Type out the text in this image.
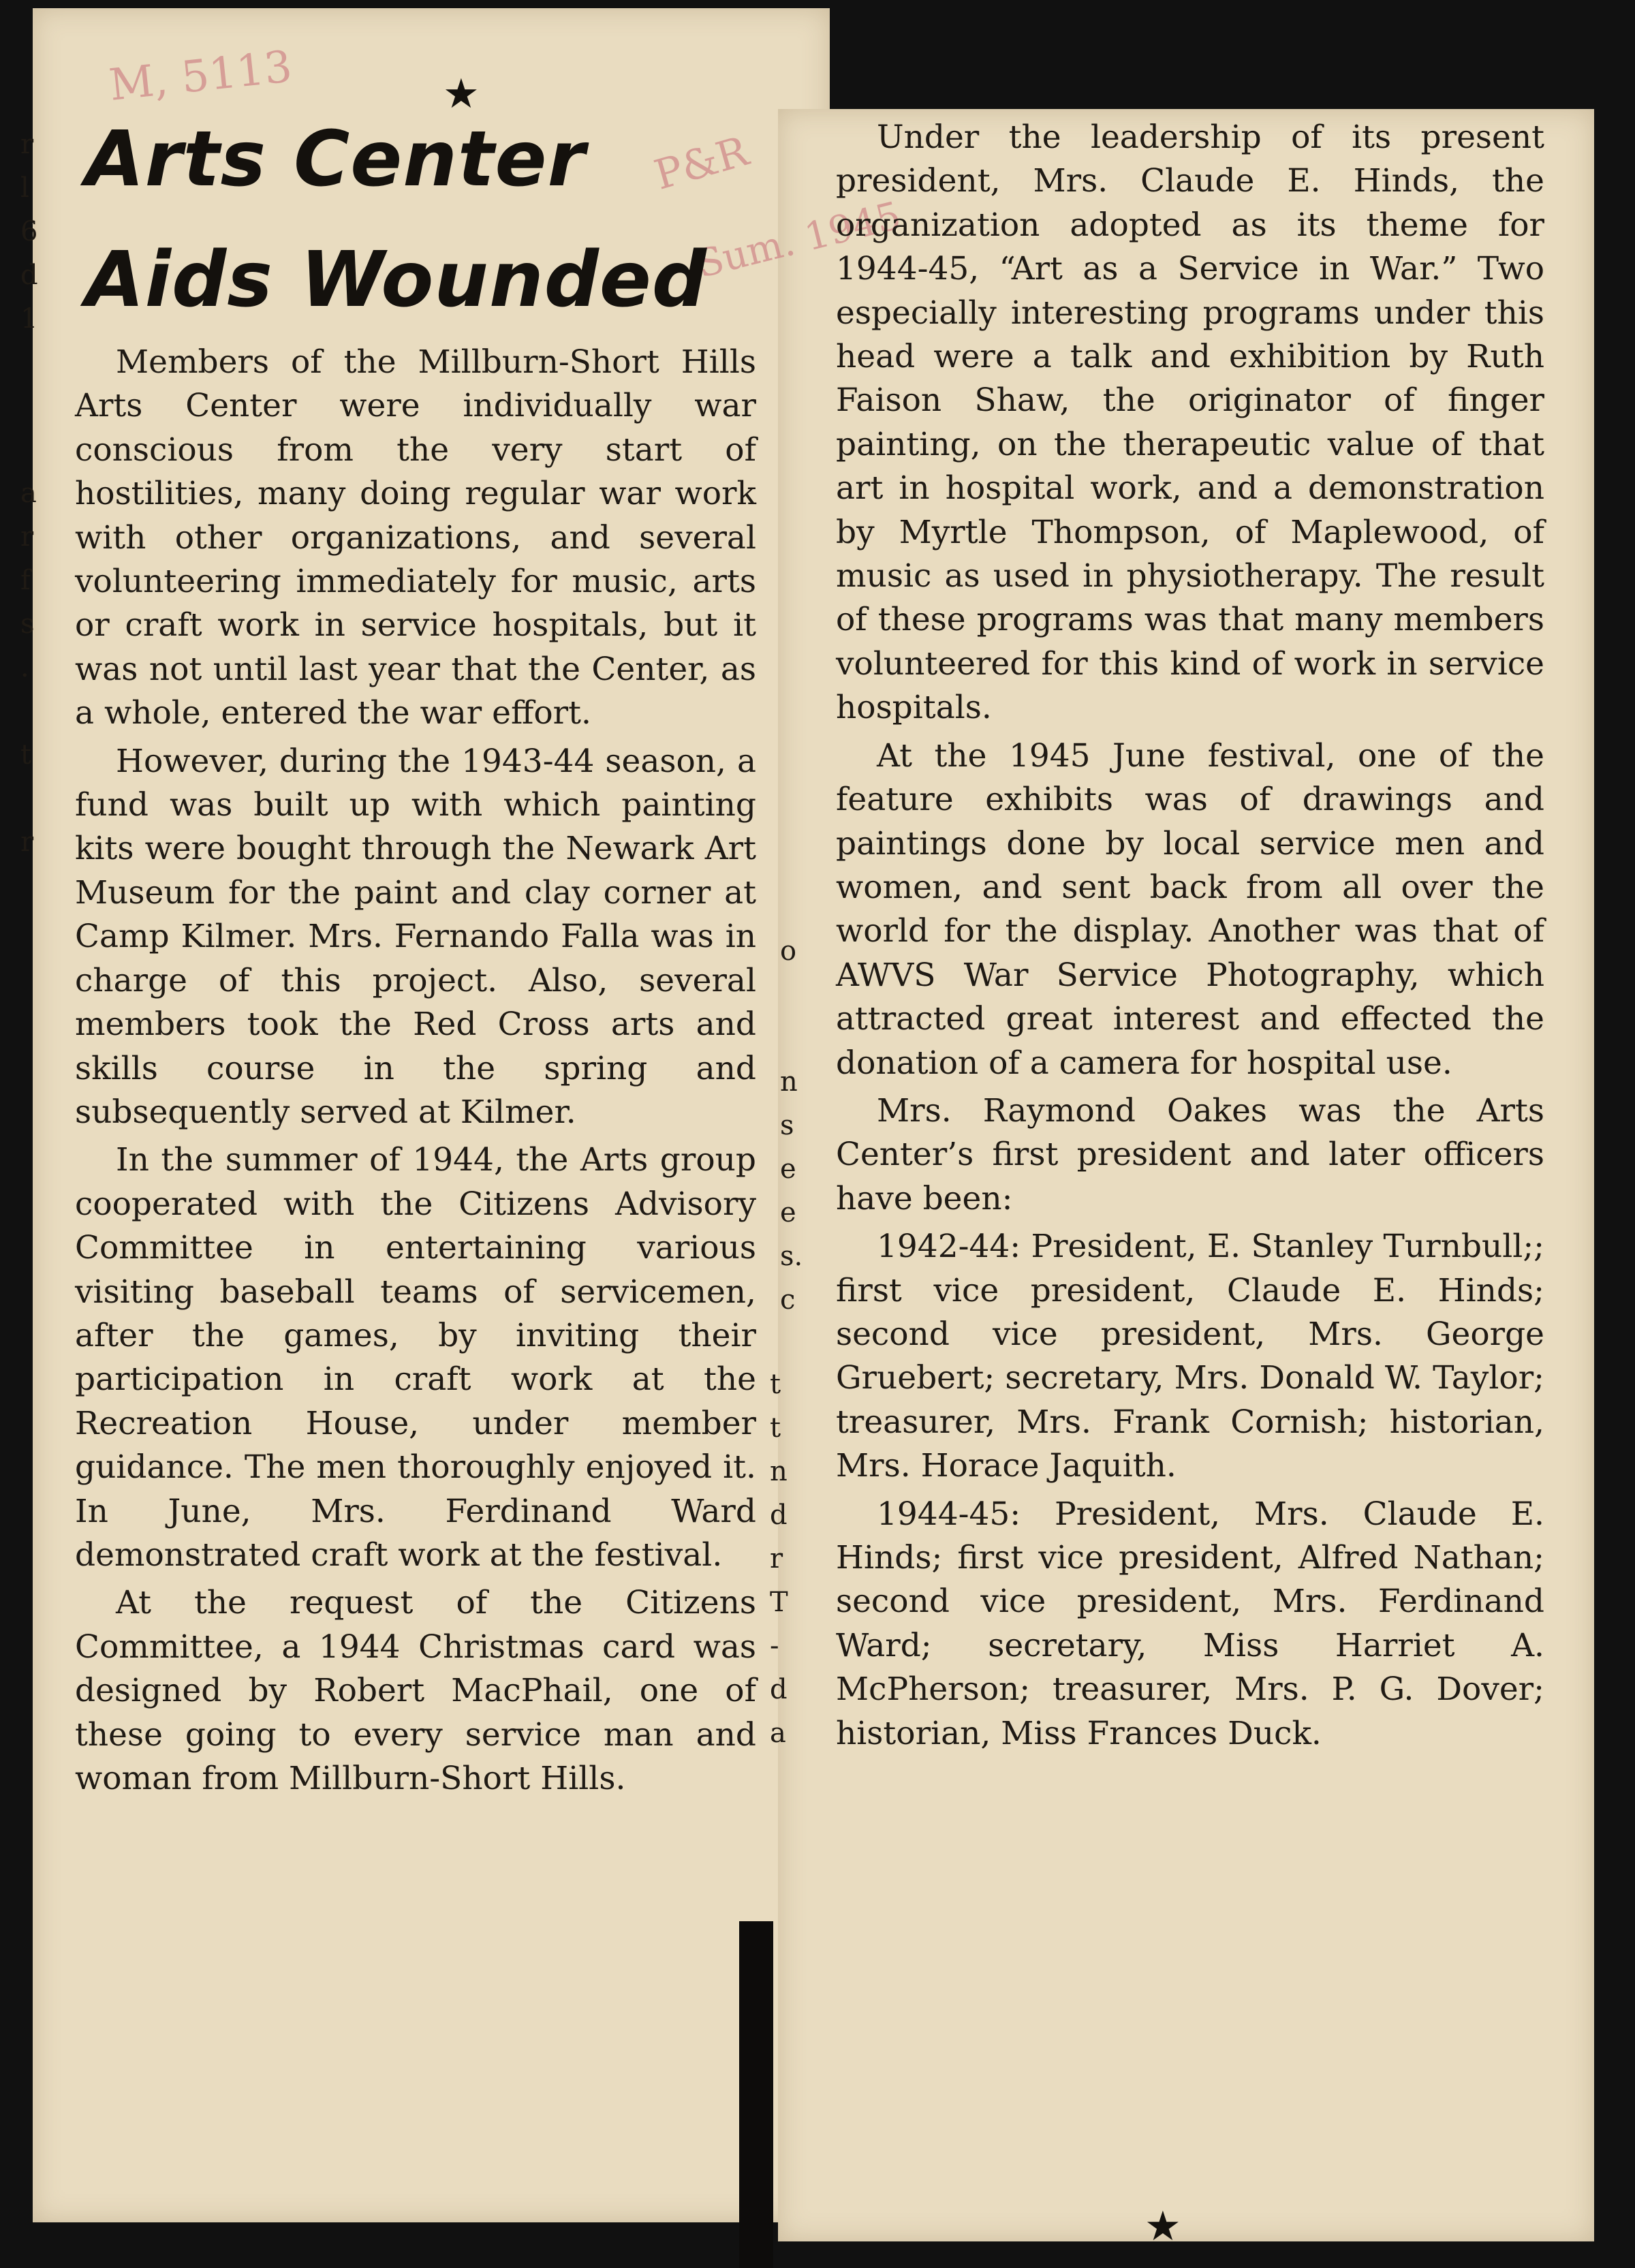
M, 5113
P&R
Sum. 1945
★
Arts Center
Aids Wounded

Members of the Millburn-Short Hills Arts Center were individually war conscious from the very start of hostilities, many doing regular war work with other organizations, and several volunteering immediately for music, arts or craft work in service hospitals, but it was not until last year that the Center, as a whole, entered the war effort.

However, during the 1943-44 season, a fund was built up with which painting kits were bought through the Newark Art Museum for the paint and clay corner at Camp Kilmer. Mrs. Fernando Falla was in charge of this project. Also, several members took the Red Cross arts and skills course in the spring and subsequently served at Kilmer.

In the summer of 1944, the Arts group cooperated with the Citizens Advisory Committee in entertaining various visiting baseball teams of servicemen, after the games, by inviting their participation in craft work at the Recreation House, under member guidance. The men thoroughly enjoyed it. In June, Mrs. Ferdinand Ward demonstrated craft work at the festival.

At the request of the Citizens Committee, a 1944 Christmas card was designed by Robert MacPhail, one of these going to every service man and woman from Millburn-Short Hills.

Under the leadership of its present president, Mrs. Claude E. Hinds, the organization adopted as its theme for 1944-45, “Art as a Service in War.” Two especially interesting programs under this head were a talk and exhibition by Ruth Faison Shaw, the originator of finger painting, on the therapeutic value of that art in hospital work, and a demonstration by Myrtle Thompson, of Maplewood, of music as used in physiotherapy. The result of these programs was that many members volunteered for this kind of work in service hospitals.

At the 1945 June festival, one of the feature exhibits was of drawings and paintings done by local service men and women, and sent back from all over the world for the display. Another was that of AWVS War Service Photography, which attracted great interest and effected the donation of a camera for hospital use.

Mrs. Raymond Oakes was the Arts Center’s first president and later officers have been:

1942-44: President, E. Stanley Turnbull;; first vice president, Claude E. Hinds; second vice president, Mrs. George Gruebert; secretary, Mrs. Donald W. Taylor; treasurer, Mrs. Frank Cornish; historian, Mrs. Horace Jaquith.

1944-45: President, Mrs. Claude E. Hinds; first vice president, Alfred Nathan; second vice president, Mrs. Ferdinand Ward; secretary, Miss Harriet A. McPherson; treasurer, Mrs. P. G. Dover; historian, Miss Frances Duck.

★
r
l
6
d
1

a
r
f
s
.

t

r

o

n
s
e
e
s.
c
t
t
n
d
r
T
-
d
a
